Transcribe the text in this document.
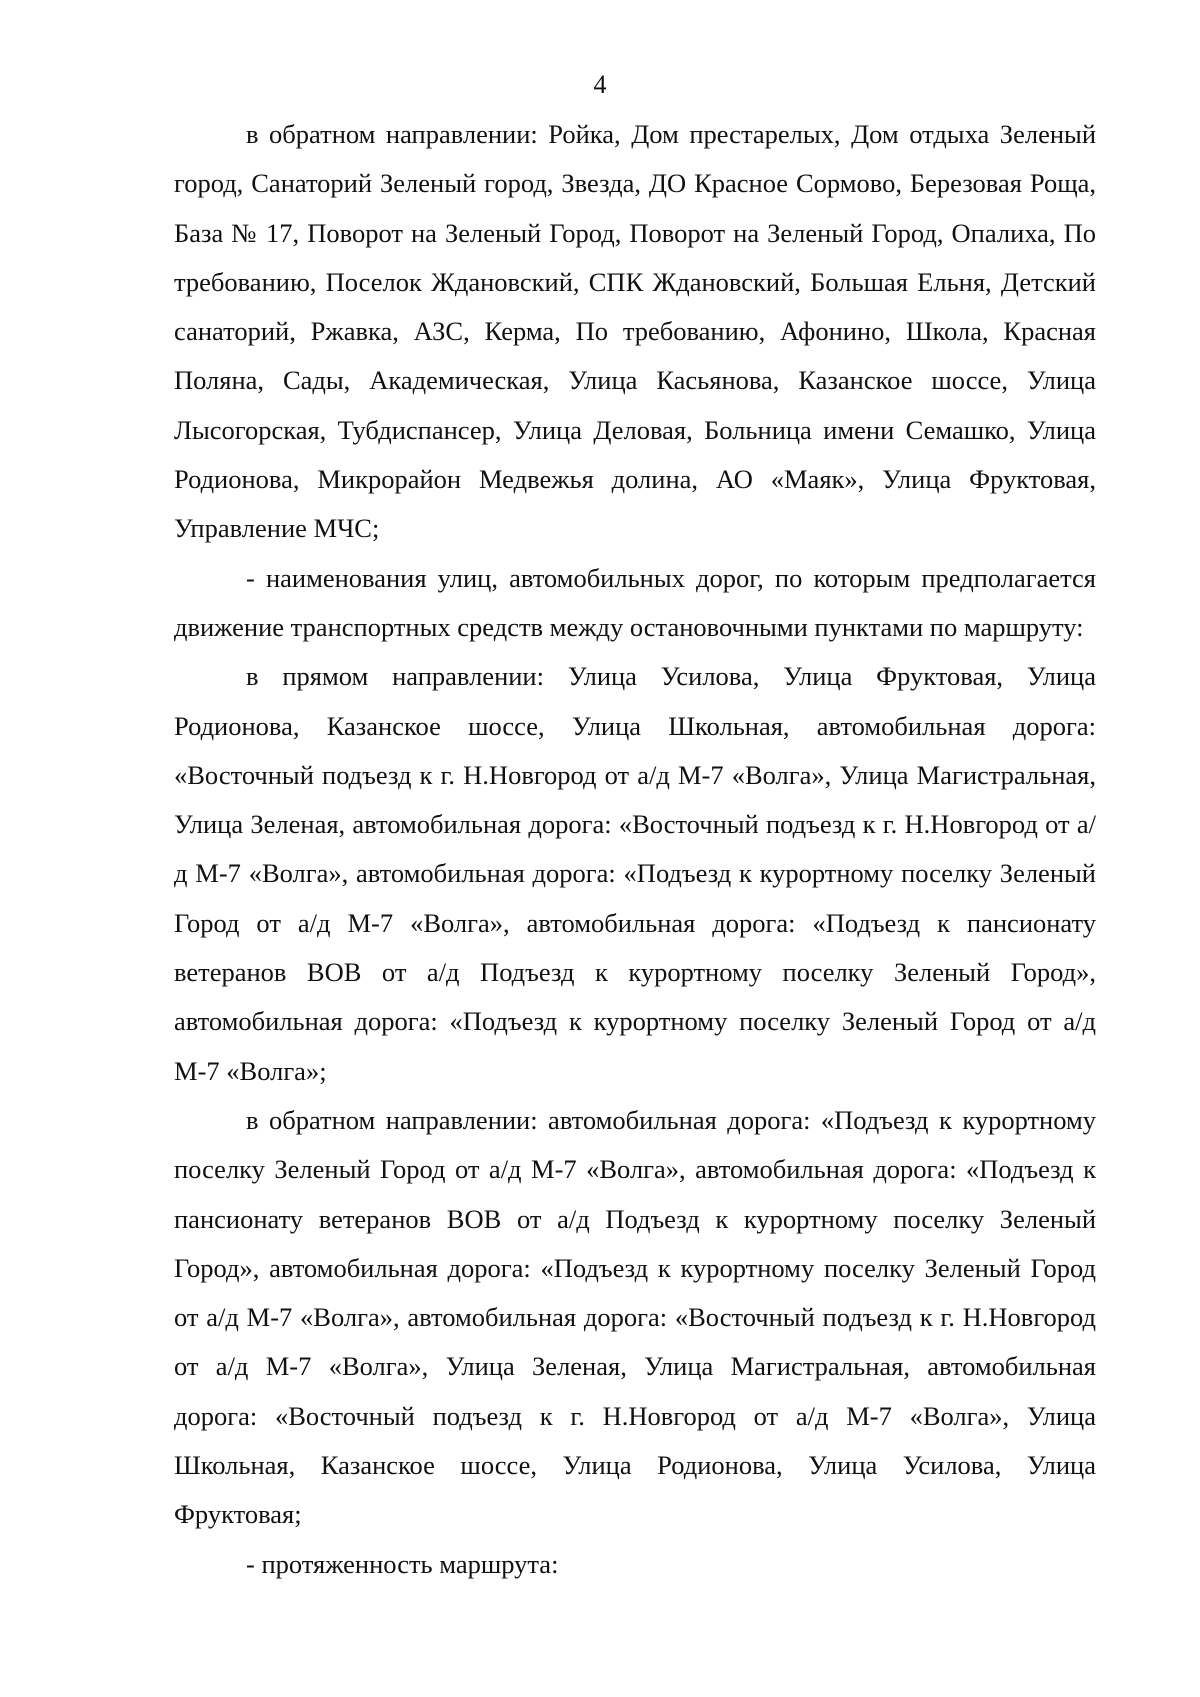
4

в обратном направлении: Ройка, Дом престарелых, Дом отдыха Зеленый город, Санаторий Зеленый город, Звезда, ДО Красное Сормово, Березовая Роща, База № 17, Поворот на Зеленый Город, Поворот на Зеленый Город, Опалиха, По требованию, Поселок Ждановский, СПК Ждановский, Большая Ельня, Детский санаторий, Ржавка, АЗС, Керма, По требованию, Афонино, Школа, Красная Поляна, Сады, Академическая, Улица Касьянова, Казанское шоссе, Улица Лысогорская, Тубдиспансер, Улица Деловая, Больница имени Семашко, Улица Родионова, Микрорайон Медвежья долина, АО «Маяк», Улица Фруктовая, Управление МЧС;

- наименования улиц, автомобильных дорог, по которым предполагается движение транспортных средств между остановочными пунктами по маршруту:

в прямом направлении: Улица Усилова, Улица Фруктовая, Улица Родионова, Казанское шоссе, Улица Школьная, автомобильная дорога: «Восточный подъезд к г. Н.Новгород от а/д М-7 «Волга», Улица Магистральная, Улица Зеленая, автомобильная дорога: «Восточный подъезд к г. Н.Новгород от а/д М-7 «Волга», автомобильная дорога: «Подъезд к курортному поселку Зеленый Город от а/д М-7 «Волга», автомобильная дорога: «Подъезд к пансионату ветеранов ВОВ от а/д Подъезд к курортному поселку Зеленый Город», автомобильная дорога: «Подъезд к курортному поселку Зеленый Город от а/д М-7 «Волга»;

в обратном направлении: автомобильная дорога: «Подъезд к курортному поселку Зеленый Город от а/д М-7 «Волга», автомобильная дорога: «Подъезд к пансионату ветеранов ВОВ от а/д Подъезд к курортному поселку Зеленый Город», автомобильная дорога: «Подъезд к курортному поселку Зеленый Город от а/д М-7 «Волга», автомобильная дорога: «Восточный подъезд к г. Н.Новгород от а/д М-7 «Волга», Улица Зеленая, Улица Магистральная, автомобильная дорога: «Восточный подъезд к г. Н.Новгород от а/д М-7 «Волга», Улица Школьная, Казанское шоссе, Улица Родионова, Улица Усилова, Улица Фруктовая;

- протяженность маршрута:
